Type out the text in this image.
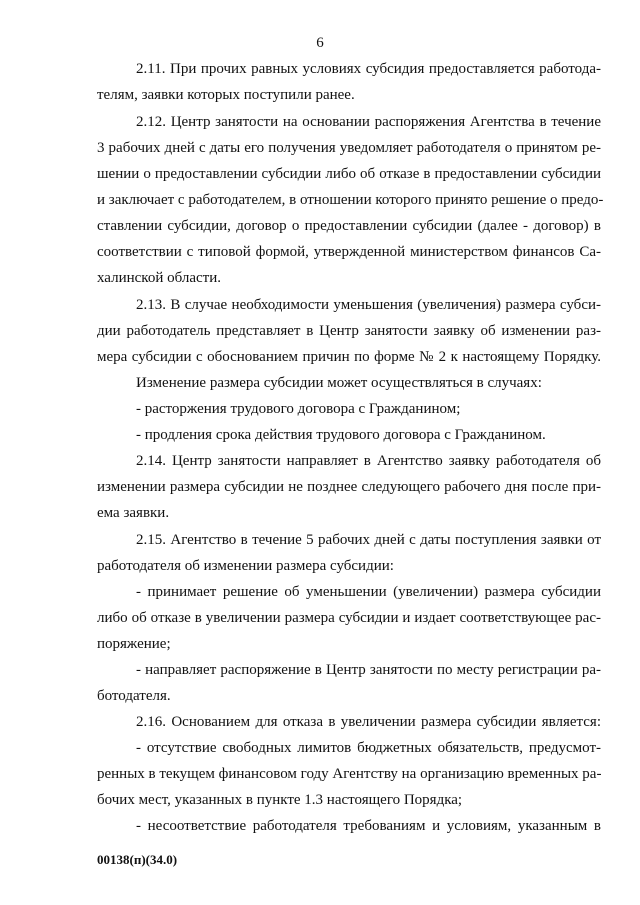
6
2.11. При прочих равных условиях субсидия предоставляется работода-
телям, заявки которых поступили ранее.
2.12. Центр занятости на основании распоряжения Агентства в течение
3 рабочих дней с даты его получения уведомляет работодателя о принятом ре-
шении о предоставлении субсидии либо об отказе в предоставлении субсидии
и заключает с работодателем, в отношении которого принято решение о предо-
ставлении субсидии, договор о предоставлении субсидии (далее - договор) в
соответствии с типовой формой, утвержденной министерством финансов Са-
халинской области.
2.13. В случае необходимости уменьшения (увеличения) размера субси-
дии работодатель представляет в Центр занятости заявку об изменении раз-
мера субсидии с обоснованием причин по форме № 2 к настоящему Порядку.
Изменение размера субсидии может осуществляться в случаях:
- расторжения трудового договора с Гражданином;
- продления срока действия трудового договора с Гражданином.
2.14. Центр занятости направляет в Агентство заявку работодателя об
изменении размера субсидии не позднее следующего рабочего дня после при-
ема заявки.
2.15. Агентство в течение 5 рабочих дней с даты поступления заявки от
работодателя об изменении размера субсидии:
- принимает решение об уменьшении (увеличении) размера субсидии
либо об отказе в увеличении размера субсидии и издает соответствующее рас-
поряжение;
- направляет распоряжение в Центр занятости по месту регистрации ра-
ботодателя.
2.16. Основанием для отказа в увеличении размера субсидии является:
- отсутствие свободных лимитов бюджетных обязательств, предусмот-
ренных в текущем финансовом году Агентству на организацию временных ра-
бочих мест, указанных в пункте 1.3 настоящего Порядка;
- несоответствие работодателя требованиям и условиям, указанным в
00138(п)(34.0)
